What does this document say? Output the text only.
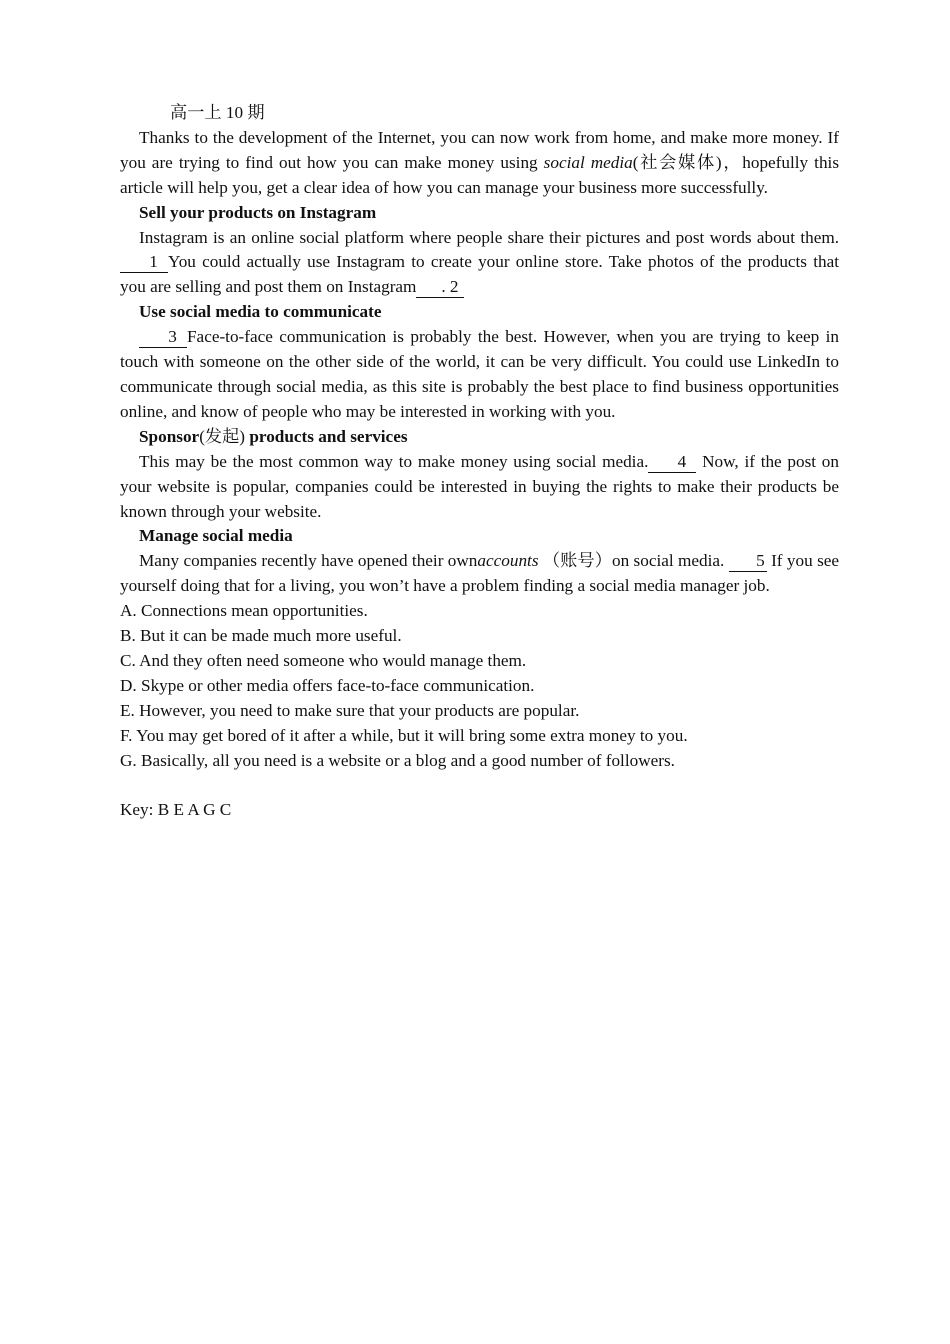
高一上 10 期

Thanks to the development of the Internet, you can now work from home, and make more money. If you are trying to find out how you can make money using social media(社会媒体)，hopefully this article will help you, get a clear idea of how you can manage your business more successfully.

Sell your products on Instagram

Instagram is an online social platform where people share their pictures and post words about them.1 You could actually use Instagram to create your online store. Take photos of the products that you are selling and post them on Instagram . 2

Use social media to communicate

3 Face-to-face communication is probably the best. However, when you are trying to keep in touch with someone on the other side of the world, it can be very difficult. You could use LinkedIn to communicate through social media, as this site is probably the best place to find business opportunities online, and know of people who may be interested in working with you.

Sponsor(发起) products and services

This may be the most common way to make money using social media. 4 Now, if the post on your website is popular, companies could be interested in buying the rights to make their products be known through your website.

Manage social media

Many companies recently have opened their ownaccounts （账号）on social media. 5 If you see yourself doing that for a living, you won’t have a problem finding a social media manager job.

A. Connections mean opportunities.

B. But it can be made much more useful.

C. And they often need someone who would manage them.

D. Skype or other media offers face-to-face communication.

E. However, you need to make sure that your products are popular.

F. You may get bored of it after a while, but it will bring some extra money to you.

G. Basically, all you need is a website or a blog and a good number of followers.

Key: B E A G C
